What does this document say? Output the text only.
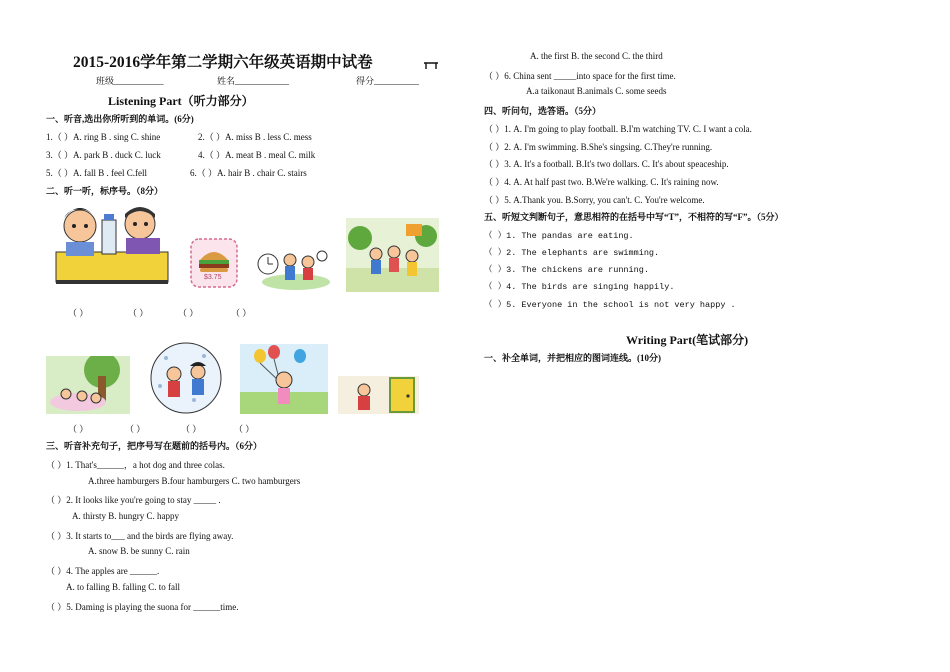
2015-2016学年第二学期六年级英语期中试卷
班级___________	姓名____________	得分__________
Listening Part（听力部分）
一、听音,选出你所听到的单词。(6分)
1.（ ）A. ring B . sing C. shine	2.（ ）A. miss B . less C. mess
3.（ ）A. park B . duck C. luck	4.（ ）A. meat B . meal C. milk
5.（ ）A. fall B . feel C.fell	6.（ ）A. hair B . chair C. stairs
二、听一听，标序号。（8分）
$3.75
（ ）	（ ）	（ ）	（ ）
（ ）	（ ）	（ ）	（ ）
三、听音补充句子，把序号写在题前的括号内。（6分）
（ ）1. That's______，a hot dog and three colas.
A.three hamburgers B.four hamburgers C. two hamburgers
（ ）2. It looks like you're going to stay _____ .
A. thirsty B. hungry C. happy
（ ）3. It starts to___ and the birds are flying away.
A. snow B. be sunny C. rain
（ ）4. The apples are ______.
A. to falling B. falling C. to fall
（ ）5. Daming is playing the suona for ______time.
A. the first B. the second C. the third
（ ）6. China sent _____into space for the first time.
A.a taikonaut B.animals C. some seeds
四、听问句，选答语。（5分）
（ ）1. A. I'm going to play football. B.I'm watching TV. C. I want a cola.
（ ）2. A. I'm swimming. B.She's singsing. C.They're running.
（ ）3. A. It's a football. B.It's two dollars. C. It's about speaceship.
（ ）4. A. At half past two. B.We're walking. C. It's raining now.
（ ）5. A.Thank you. B.Sorry, you can't. C. You're welcome.
五、听短文判断句子，意思相符的在括号中写“T”，不相符的写“F”。（5分）
（ ）1. The pandas are eating.
（ ）2. The elephants are swimming.
（ ）3. The chickens are running.
（ ）4. The birds are singing happily.
（ ）5. Everyone in the school is not very happy .
Writing Part(笔试部分)
一、补全单词，并把相应的图词连线。(10分)
